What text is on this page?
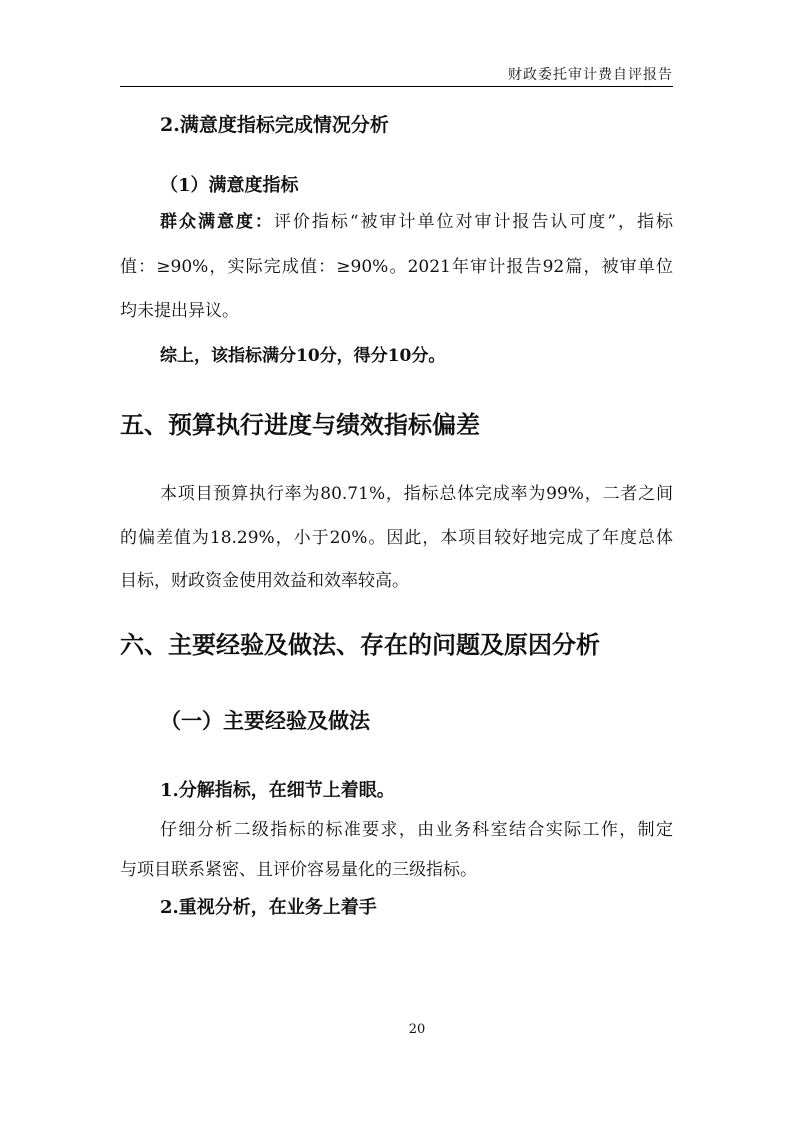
财政委托审计费自评报告
2.满意度指标完成情况分析
（1）满意度指标
群众满意度：评价指标“被审计单位对审计报告认可度”，指标
值：≥90%，实际完成值：≥90%。2021年审计报告92篇，被审单位
均未提出异议。
综上，该指标满分10分，得分10分。
五、预算执行进度与绩效指标偏差
本项目预算执行率为80.71%，指标总体完成率为99%，二者之间
的偏差值为18.29%，小于20%。因此，本项目较好地完成了年度总体
目标，财政资金使用效益和效率较高。
六、主要经验及做法、存在的问题及原因分析
（一）主要经验及做法
1.分解指标，在细节上着眼。
仔细分析二级指标的标准要求，由业务科室结合实际工作，制定
与项目联系紧密、且评价容易量化的三级指标。
2.重视分析，在业务上着手
20
